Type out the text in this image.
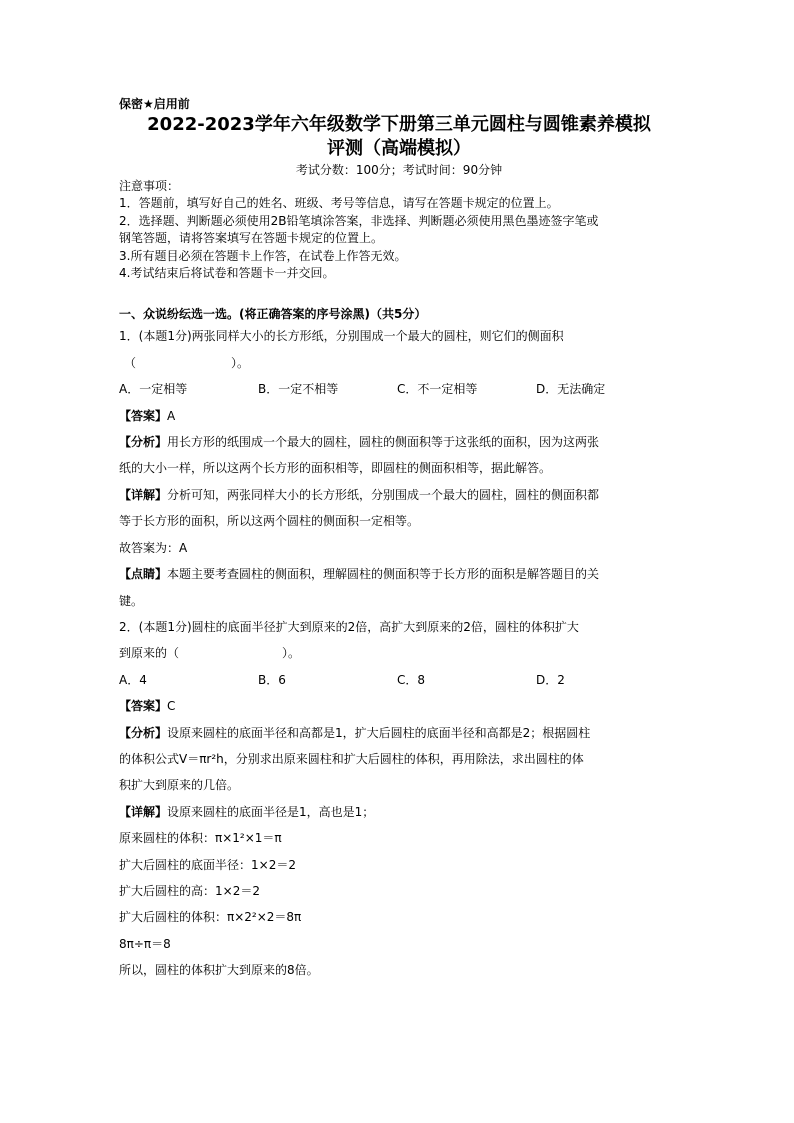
保密★启用前
2022-2023学年六年级数学下册第三单元圆柱与圆锥素养模拟
评测（高端模拟）
考试分数：100分；考试时间：90分钟
注意事项：
1．答题前，填写好自己的姓名、班级、考号等信息，请写在答题卡规定的位置上。
2．选择题、判断题必须使用2B铅笔填涂答案，非选择、判断题必须使用黑色墨迹签字笔或
钢笔答题，请将答案填写在答题卡规定的位置上。
3.所有题目必须在答题卡上作答，在试卷上作答无效。
4.考试结束后将试卷和答题卡一并交回。
一、众说纷纭选一选。(将正确答案的序号涂黑)（共5分）
1．(本题1分)两张同样大小的长方形纸，分别围成一个最大的圆柱，则它们的侧面积
（	）。
A．一定相等	B．一定不相等	C．不一定相等	D．无法确定
【答案】A
【分析】用长方形的纸围成一个最大的圆柱，圆柱的侧面积等于这张纸的面积，因为这两张
纸的大小一样，所以这两个长方形的面积相等，即圆柱的侧面积相等，据此解答。
【详解】分析可知，两张同样大小的长方形纸，分别围成一个最大的圆柱，圆柱的侧面积都
等于长方形的面积，所以这两个圆柱的侧面积一定相等。
故答案为：A
【点睛】本题主要考查圆柱的侧面积，理解圆柱的侧面积等于长方形的面积是解答题目的关
键。
2．(本题1分)圆柱的底面半径扩大到原来的2倍，高扩大到原来的2倍，圆柱的体积扩大
到原来的（	）。
A．4	B．6	C．8	D．2
【答案】C
【分析】设原来圆柱的底面半径和高都是1，扩大后圆柱的底面半径和高都是2；根据圆柱
的体积公式V＝πr²h，分别求出原来圆柱和扩大后圆柱的体积，再用除法，求出圆柱的体
积扩大到原来的几倍。
【详解】设原来圆柱的底面半径是1，高也是1；
原来圆柱的体积：π×1²×1＝π
扩大后圆柱的底面半径：1×2＝2
扩大后圆柱的高：1×2＝2
扩大后圆柱的体积：π×2²×2＝8π
8π÷π＝8
所以，圆柱的体积扩大到原来的8倍。
